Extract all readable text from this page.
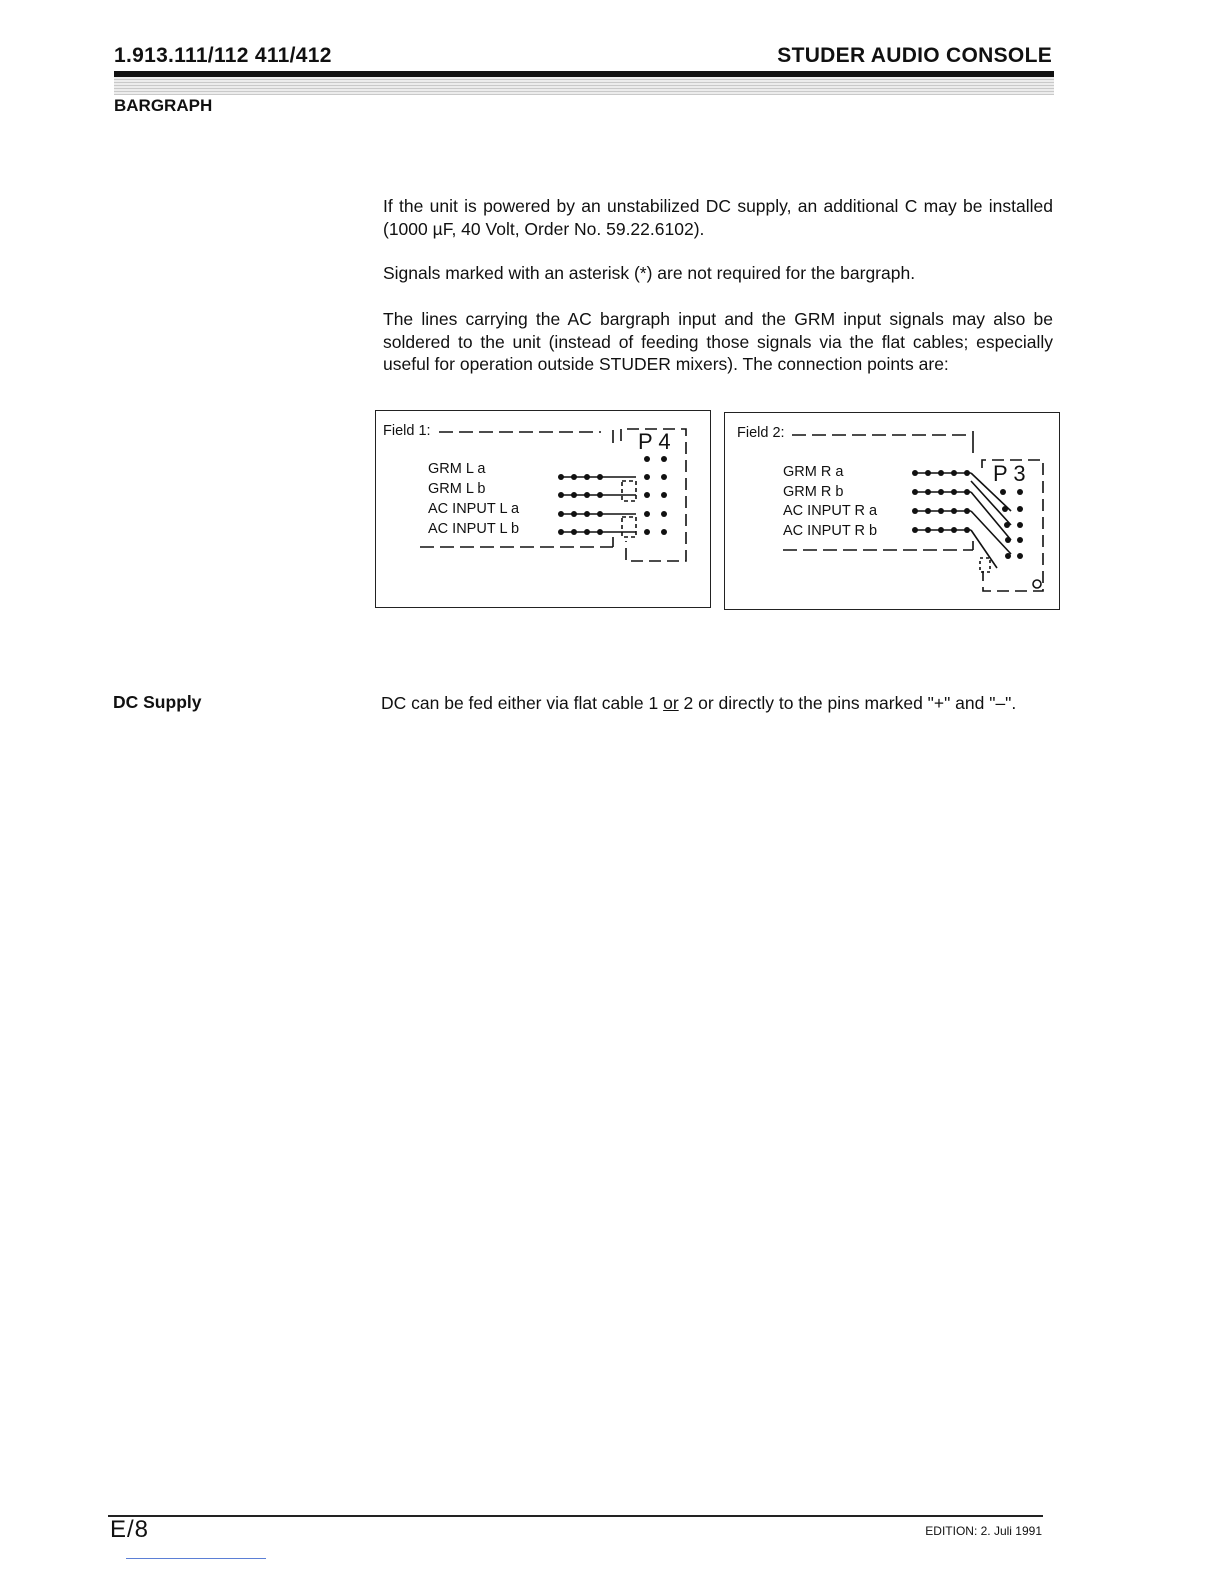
1.913.111/112 411/412	STUDER AUDIO CONSOLE
BARGRAPH

If the unit is powered by an unstabilized DC supply, an additional C may be installed (1000 µF, 40 Volt, Order No. 59.22.6102).

Signals marked with an asterisk (*) are not required for the bargraph.

The lines carrying the AC bargraph input and the GRM input signals may also be soldered to the unit (instead of feeding those signals via the flat cables; especially useful for operation outside STUDER mixers). The connection points are:

Field 1:	P 4
GRM L a
GRM L b
AC INPUT L a
AC INPUT L b
Field 2:
P 3
GRM R a
GRM R b
AC INPUT R a
AC INPUT R b
DC Supply	DC can be fed either via flat cable 1 or 2 or directly to the pins marked "+" and "–".
E/8	EDITION: 2. Juli 1991
